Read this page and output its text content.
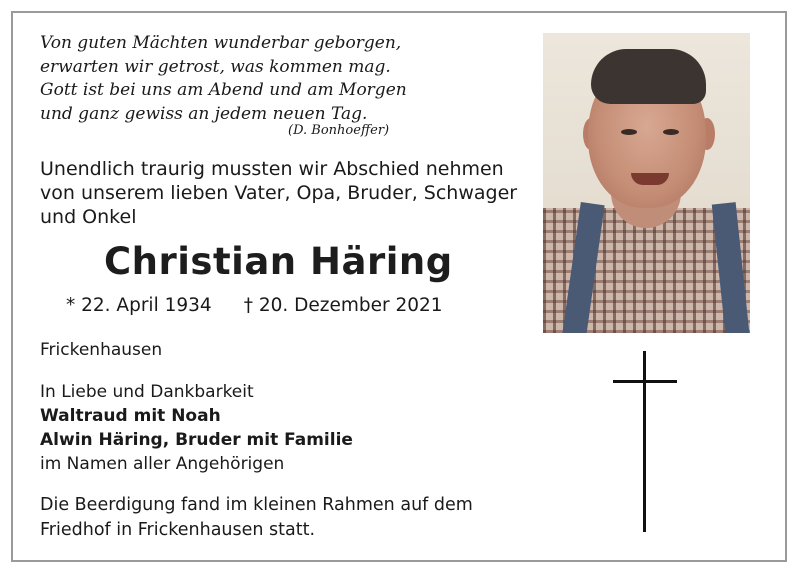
Von guten Mächten wunderbar geborgen,
erwarten wir getrost, was kommen mag.
Gott ist bei uns am Abend und am Morgen
und ganz gewiss an jedem neuen Tag.
(D. Bonhoeffer)
Unendlich traurig mussten wir Abschied nehmen
von unserem lieben Vater, Opa, Bruder, Schwager
und Onkel
Christian Häring
* 22. April 1934 † 20. Dezember 2021
Frickenhausen
In Liebe und Dankbarkeit
Waltraud mit Noah
Alwin Häring, Bruder mit Familie
im Namen aller Angehörigen
Die Beerdigung fand im kleinen Rahmen auf dem
Friedhof in Frickenhausen statt.
